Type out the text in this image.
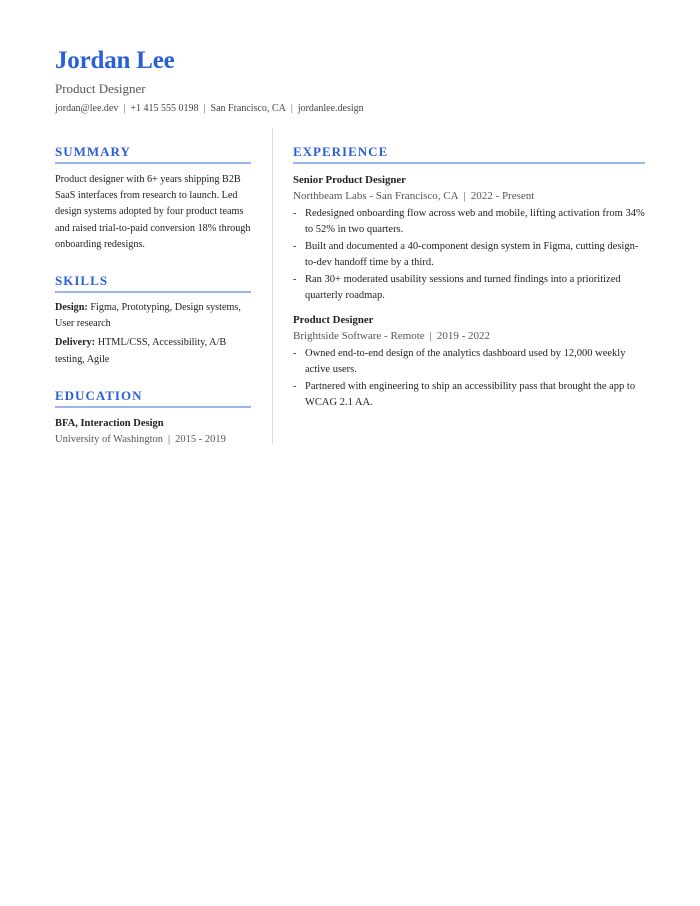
Jordan Lee
Product Designer
jordan@lee.dev | +1 415 555 0198 | San Francisco, CA | jordanlee.design
SUMMARY
Product designer with 6+ years shipping B2B SaaS interfaces from research to launch. Led design systems adopted by four product teams and raised trial-to-paid conversion 18% through onboarding redesigns.
SKILLS
Design: Figma, Prototyping, Design systems, User research
Delivery: HTML/CSS, Accessibility, A/B testing, Agile
EDUCATION
BFA, Interaction Design
University of Washington | 2015 - 2019
EXPERIENCE
Senior Product Designer
Northbeam Labs - San Francisco, CA | 2022 - Present
- Redesigned onboarding flow across web and mobile, lifting activation from 34% to 52% in two quarters.
- Built and documented a 40-component design system in Figma, cutting design-to-dev handoff time by a third.
- Ran 30+ moderated usability sessions and turned findings into a prioritized quarterly roadmap.
Product Designer
Brightside Software - Remote | 2019 - 2022
- Owned end-to-end design of the analytics dashboard used by 12,000 weekly active users.
- Partnered with engineering to ship an accessibility pass that brought the app to WCAG 2.1 AA.
